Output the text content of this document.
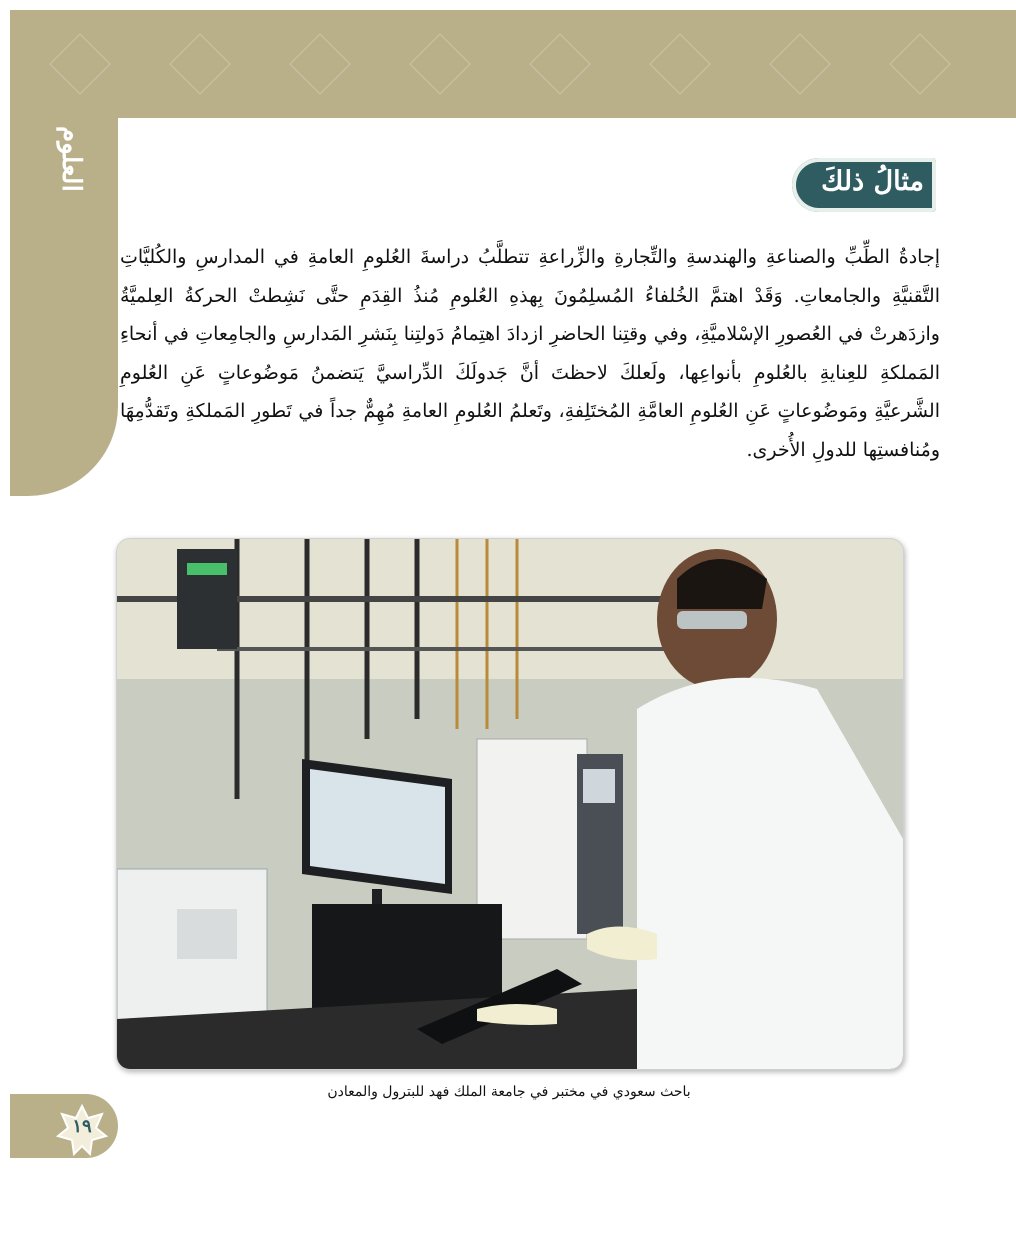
العلوم	مثالُ ذلكَ
إجادةُ الطِّبِّ والصناعةِ والهندسةِ والتِّجارةِ والزِّراعةِ تتطلَّبُ دراسةَ العُلومِ العامةِ في المدارسِ والكُليَّاتِ التَّقنيَّةِ والجامعاتِ. وَقَدْ اهتمَّ الخُلفاءُ المُسلِمُونَ بِهذهِ العُلومِ مُنذُ القِدَمِ حتَّى نَشِطتْ الحركةُ العِلميَّةُ وازدَهرتْ في العُصورِ الإسْلاميَّةِ، وفي وقتِنا الحاضرِ ازدادَ اهتِمامُ دَولتِنا بِنَشرِ المَدارسِ والجامِعاتِ في أنحاءِ المَملكةِ للعِنايةِ بالعُلومِ بأنواعِها، ولَعلكَ لاحظتَ أنَّ جَدولَكَ الدِّراسيَّ يَتضمنُ مَوضُوعاتٍ عَنِ العُلومِ الشَّرعيَّةِ ومَوضُوعاتٍ عَنِ العُلومِ العامَّةِ المُختَلِفةِ، وتَعلمُ العُلومِ العامةِ مُهِمٌّ جداً في تَطورِ المَملكةِ وتَقدُّمِهَا ومُنافستِها للدولِ الأُخرى.
باحث سعودي في مختبر في جامعة الملك فهد للبترول والمعادن
١٩
